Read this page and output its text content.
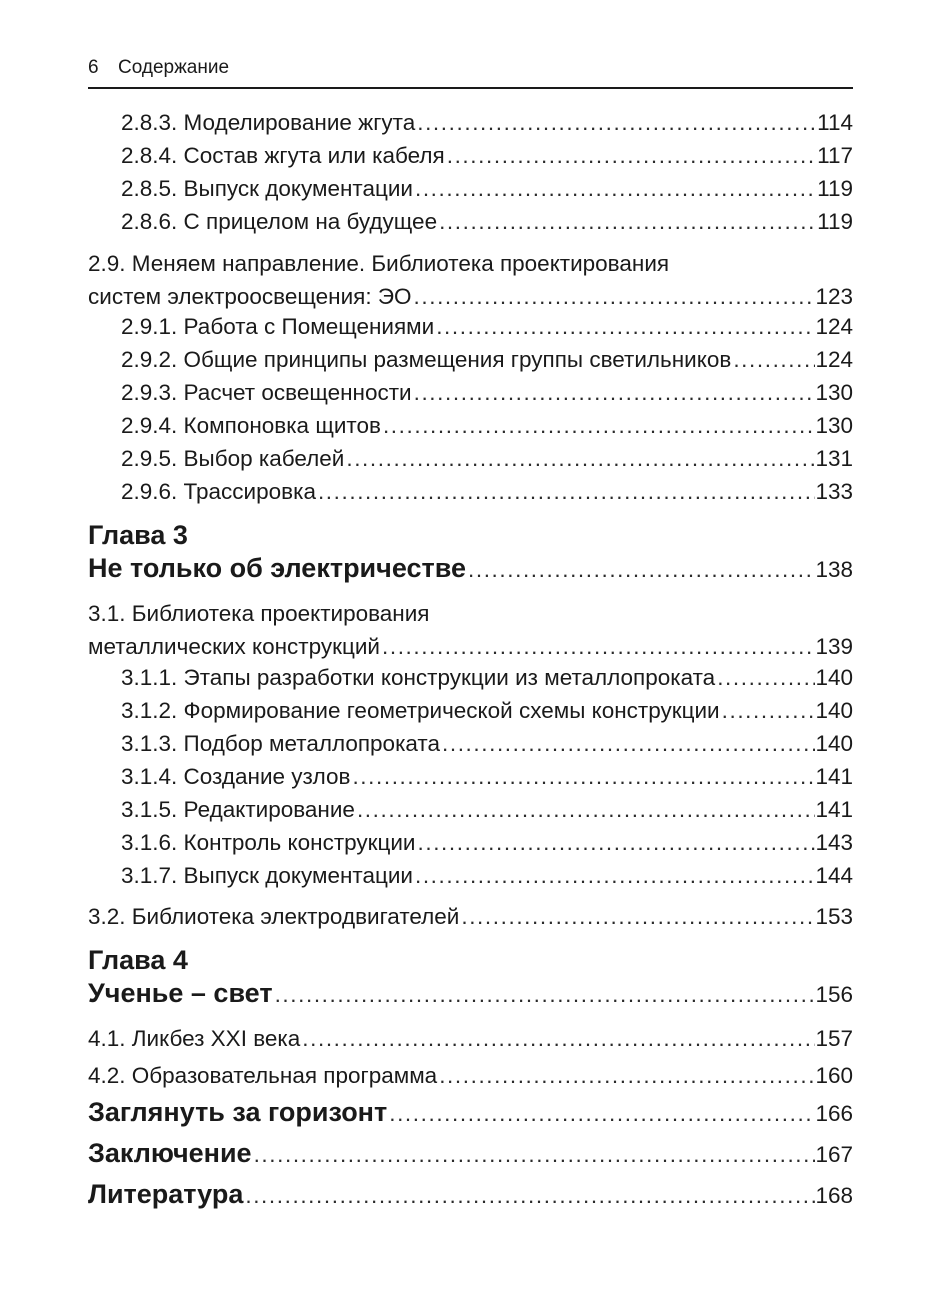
6 Содержание
2.8.3. Моделирование жгута .....	114
2.8.4. Состав жгута или кабеля .....	117
2.8.5. Выпуск документации .....	119
2.8.6. С прицелом на будущее .....	119
2.9. Меняем направление. Библиотека проектирования
систем электроосвещения: ЭО .....	123
2.9.1. Работа с Помещениями .....	124
2.9.2. Общие принципы размещения группы светильников .....	124
2.9.3. Расчет освещенности .....	130
2.9.4. Компоновка щитов .....	130
2.9.5. Выбор кабелей .....	131
2.9.6. Трассировка .....	133
Глава 3
Не только об электричестве .....	138
3.1. Библиотека проектирования
металлических конструкций .....	139
3.1.1. Этапы разработки конструкции из металлопроката .....	140
3.1.2. Формирование геометрической схемы конструкции .....	140
3.1.3. Подбор металлопроката .....	140
3.1.4. Создание узлов .....	141
3.1.5. Редактирование .....	141
3.1.6. Контроль конструкции .....	143
3.1.7. Выпуск документации .....	144
3.2. Библиотека электродвигателей .....	153
Глава 4
Ученье – свет .....	156
4.1. Ликбез XXI века .....	157
4.2. Образовательная программа .....	160
Заглянуть за горизонт .....	166
Заключение .....	167
Литература .....	168
